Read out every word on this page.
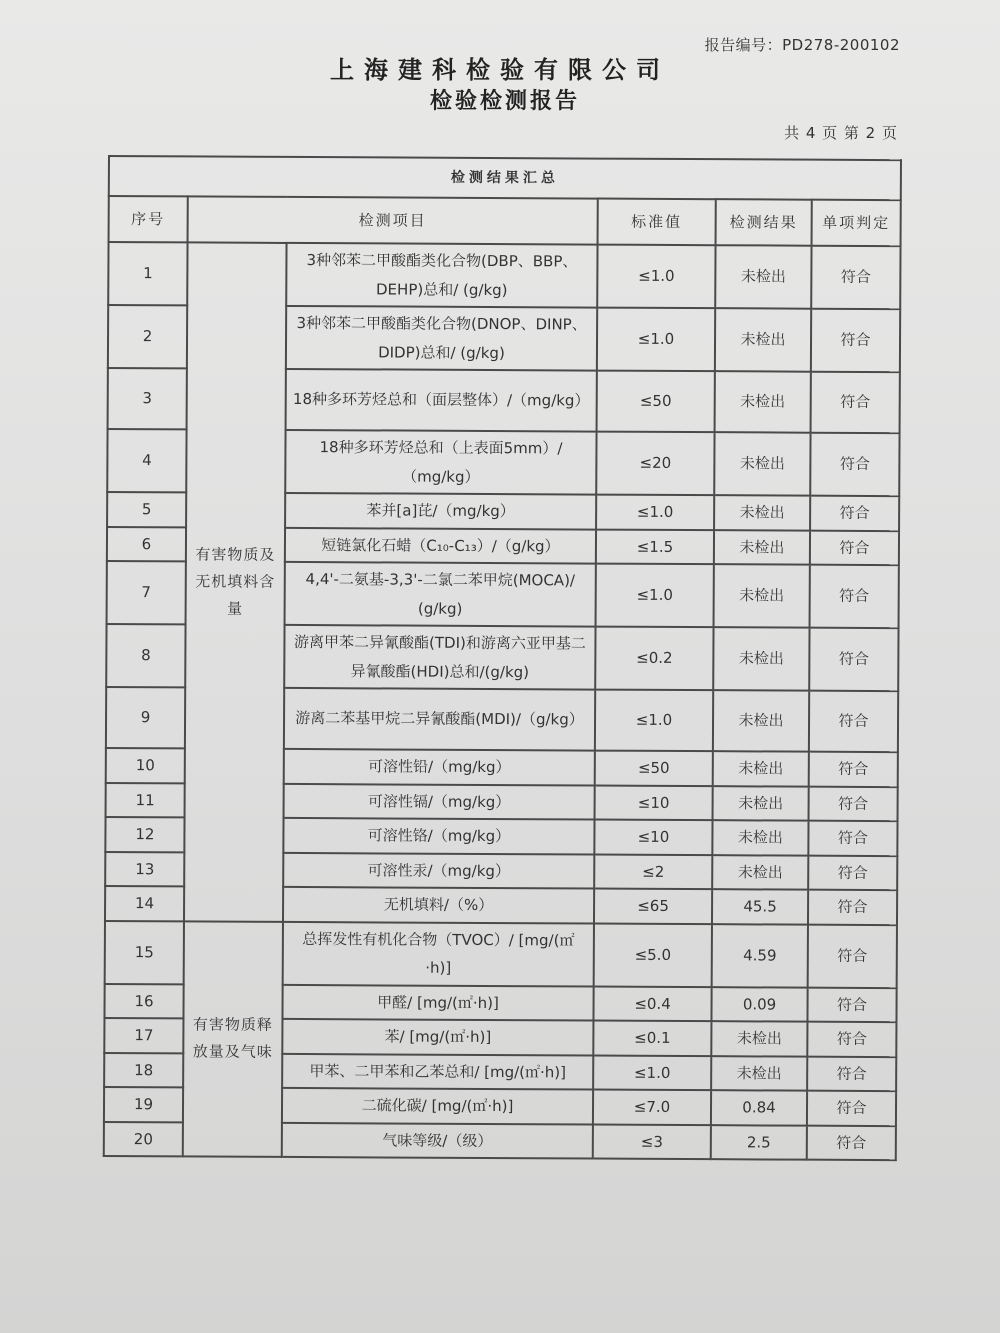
报告编号：PD278-200102
上海建科检验有限公司
检验检测报告
共 4 页 第 2 页
检测结果汇总					
序号	检测项目		标准值	检测结果	单项判定
1	有害物质及无机填料含量	3种邻苯二甲酸酯类化合物(DBP、BBP、DEHP)总和/ (g/kg)	≤1.0	未检出	符合
2		3种邻苯二甲酸酯类化合物(DNOP、DINP、DIDP)总和/ (g/kg)	≤1.0	未检出	符合
3		18种多环芳烃总和（面层整体）/（mg/kg）	≤50	未检出	符合
4		18种多环芳烃总和（上表面5mm）/（mg/kg）	≤20	未检出	符合
5		苯并[a]芘/（mg/kg）	≤1.0	未检出	符合
6		短链氯化石蜡（C₁₀-C₁₃）/（g/kg）	≤1.5	未检出	符合
7		4,4'-二氨基-3,3'-二氯二苯甲烷(MOCA)/ (g/kg)	≤1.0	未检出	符合
8		游离甲苯二异氰酸酯(TDI)和游离六亚甲基二异氰酸酯(HDI)总和/(g/kg)	≤0.2	未检出	符合
9		游离二苯基甲烷二异氰酸酯(MDI)/（g/kg）	≤1.0	未检出	符合
10		可溶性铅/（mg/kg）	≤50	未检出	符合
11		可溶性镉/（mg/kg）	≤10	未检出	符合
12		可溶性铬/（mg/kg）	≤10	未检出	符合
13		可溶性汞/（mg/kg）	≤2	未检出	符合
14		无机填料/（%）	≤65	45.5	符合
15	有害物质释放量及气味	总挥发性有机化合物（TVOC）/ [mg/(㎡·h)]	≤5.0	4.59	符合
16		甲醛/ [mg/(㎡·h)]	≤0.4	0.09	符合
17		苯/ [mg/(㎡·h)]	≤0.1	未检出	符合
18		甲苯、二甲苯和乙苯总和/ [mg/(㎡·h)]	≤1.0	未检出	符合
19		二硫化碳/ [mg/(㎡·h)]	≤7.0	0.84	符合
20		气味等级/（级）	≤3	2.5	符合
